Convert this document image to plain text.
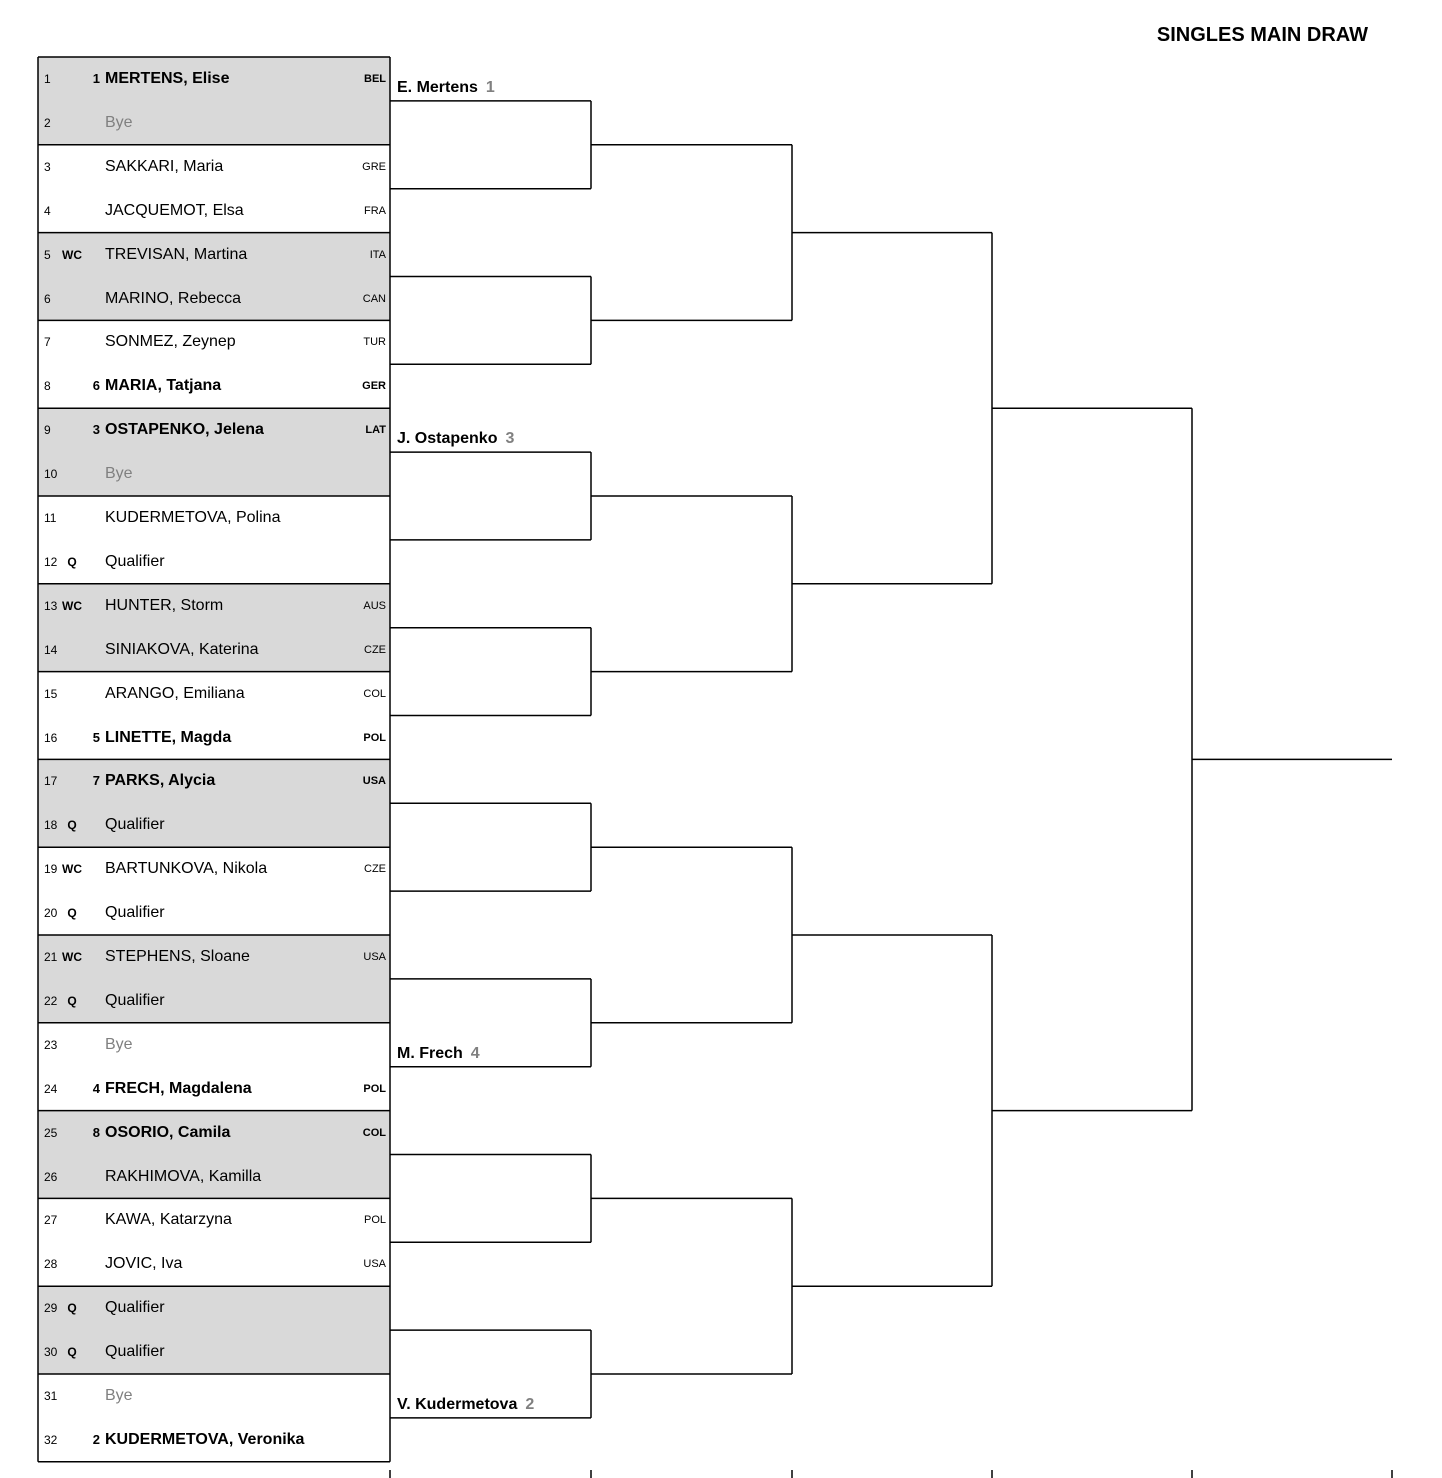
SINGLES MAIN DRAW
1	1 MERTENS, Elise	BEL
2	Bye
3	SAKKARI, Maria	GRE
4	JACQUEMOT, Elsa	FRA
5 WC TREVISAN, Martina	ITA
6	MARINO, Rebecca	CAN
7	SONMEZ, Zeynep	TUR
8	6 MARIA, Tatjana	GER
9	3 OSTAPENKO, Jelena	LAT
10	Bye
11	KUDERMETOVA, Polina
12 Q	Qualifier
13 WC HUNTER, Storm	AUS
14	SINIAKOVA, Katerina	CZE
15	ARANGO, Emiliana	COL
16	5 LINETTE, Magda	POL
17	7 PARKS, Alycia	USA
18 Q	Qualifier
19 WC BARTUNKOVA, Nikola	CZE
20 Q	Qualifier
21 WC STEPHENS, Sloane	USA
22 Q	Qualifier
23	Bye
24	4 FRECH, Magdalena	POL
25	8 OSORIO, Camila	COL
26	RAKHIMOVA, Kamilla
27	KAWA, Katarzyna	POL
28	JOVIC, Iva	USA
29 Q	Qualifier
30 Q	Qualifier
31	Bye
32	2 KUDERMETOVA, Veronika
E. Mertens 1
J. Ostapenko 3
M. Frech 4
V. Kudermetova 2
